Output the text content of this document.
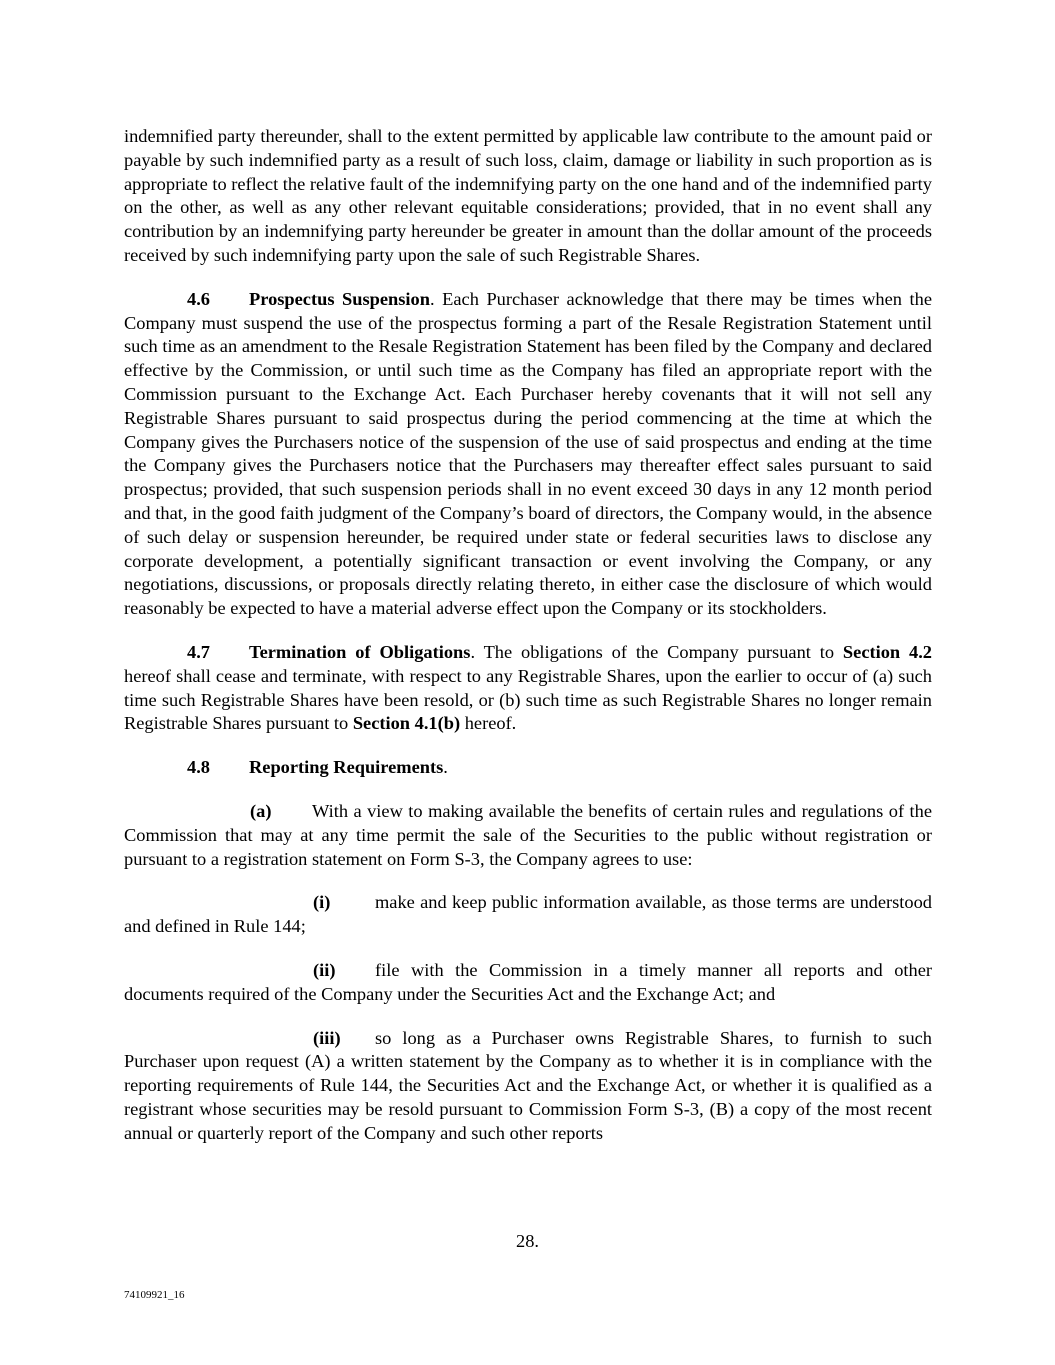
indemnified party thereunder, shall to the extent permitted by applicable law contribute to the amount paid or payable by such indemnified party as a result of such loss, claim, damage or liability in such proportion as is appropriate to reflect the relative fault of the indemnifying party on the one hand and of the indemnified party on the other, as well as any other relevant equitable considerations; provided, that in no event shall any contribution by an indemnifying party hereunder be greater in amount than the dollar amount of the proceeds received by such indemnifying party upon the sale of such Registrable Shares.

4.6 Prospectus Suspension. Each Purchaser acknowledge that there may be times when the Company must suspend the use of the prospectus forming a part of the Resale Registration Statement until such time as an amendment to the Resale Registration Statement has been filed by the Company and declared effective by the Commission, or until such time as the Company has filed an appropriate report with the Commission pursuant to the Exchange Act. Each Purchaser hereby covenants that it will not sell any Registrable Shares pursuant to said prospectus during the period commencing at the time at which the Company gives the Purchasers notice of the suspension of the use of said prospectus and ending at the time the Company gives the Purchasers notice that the Purchasers may thereafter effect sales pursuant to said prospectus; provided, that such suspension periods shall in no event exceed 30 days in any 12 month period and that, in the good faith judgment of the Company’s board of directors, the Company would, in the absence of such delay or suspension hereunder, be required under state or federal securities laws to disclose any corporate development, a potentially significant transaction or event involving the Company, or any negotiations, discussions, or proposals directly relating thereto, in either case the disclosure of which would reasonably be expected to have a material adverse effect upon the Company or its stockholders.

4.7 Termination of Obligations. The obligations of the Company pursuant to Section 4.2 hereof shall cease and terminate, with respect to any Registrable Shares, upon the earlier to occur of (a) such time such Registrable Shares have been resold, or (b) such time as such Registrable Shares no longer remain Registrable Shares pursuant to Section 4.1(b) hereof.

4.8 Reporting Requirements.

(a) With a view to making available the benefits of certain rules and regulations of the Commission that may at any time permit the sale of the Securities to the public without registration or pursuant to a registration statement on Form S-3, the Company agrees to use:

(i) make and keep public information available, as those terms are understood and defined in Rule 144;

(ii) file with the Commission in a timely manner all reports and other documents required of the Company under the Securities Act and the Exchange Act; and

(iii) so long as a Purchaser owns Registrable Shares, to furnish to such Purchaser upon request (A) a written statement by the Company as to whether it is in compliance with the reporting requirements of Rule 144, the Securities Act and the Exchange Act, or whether it is qualified as a registrant whose securities may be resold pursuant to Commission Form S-3, (B) a copy of the most recent annual or quarterly report of the Company and such other reports

28.
74109921_16
